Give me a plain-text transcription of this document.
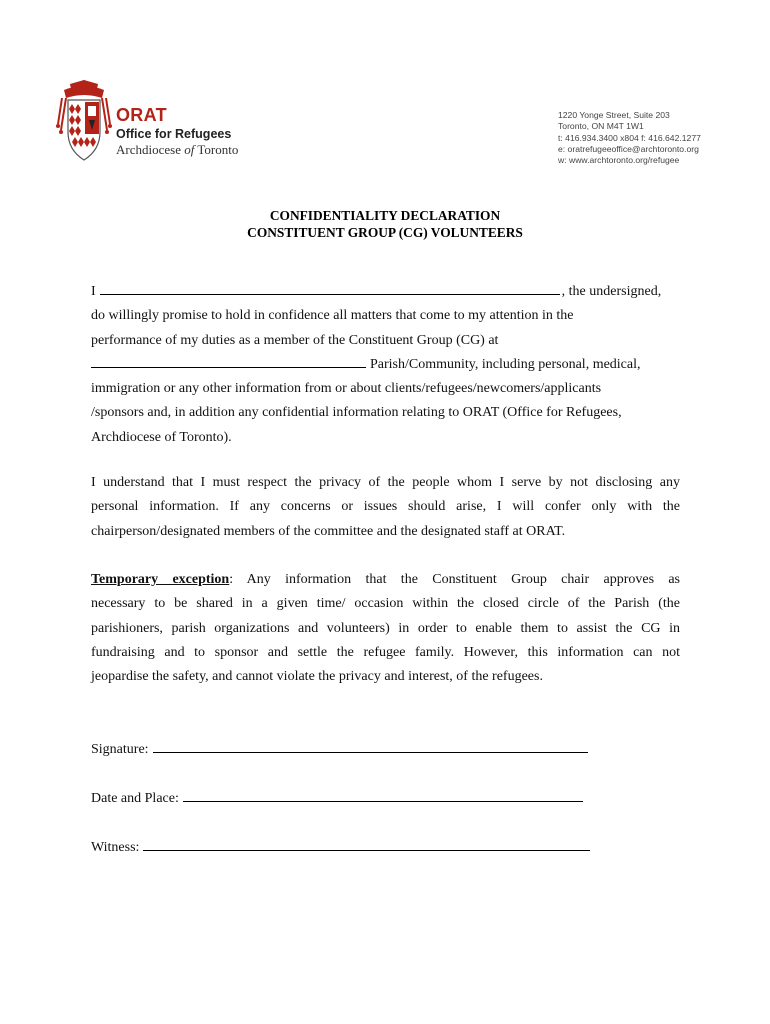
ORAT
Office for Refugees
Archdiocese of Toronto
1220 Yonge Street, Suite 203
Toronto, ON M4T 1W1
t: 416.934.3400 x804 f: 416.642.1277
e: oratrefugeeoffice@archtoronto.org
w: www.archtoronto.org/refugee
CONFIDENTIALITY DECLARATION
CONSTITUENT GROUP (CG) VOLUNTEERS
I	, the undersigned,
do willingly promise to hold in confidence all matters that come to my attention in the
performance of my duties as a member of the Constituent Group (CG) at
Parish/Community, including personal, medical,
immigration or any other information from or about clients/refugees/newcomers/applicants
/sponsors and, in addition any confidential information relating to ORAT (Office for Refugees,
Archdiocese of Toronto).
I understand that I must respect the privacy of the people whom I serve by not disclosing any
personal information. If any concerns or issues should arise, I will confer only with the
chairperson/designated members of the committee and the designated staff at ORAT.
Temporary exception: Any information that the Constituent Group chair approves as
necessary to be shared in a given time/ occasion within the closed circle of the Parish (the
parishioners, parish organizations and volunteers) in order to enable them to assist the CG in
fundraising and to sponsor and settle the refugee family. However, this information can not
jeopardise the safety, and cannot violate the privacy and interest, of the refugees.
Signature:
Date and Place:
Witness:
